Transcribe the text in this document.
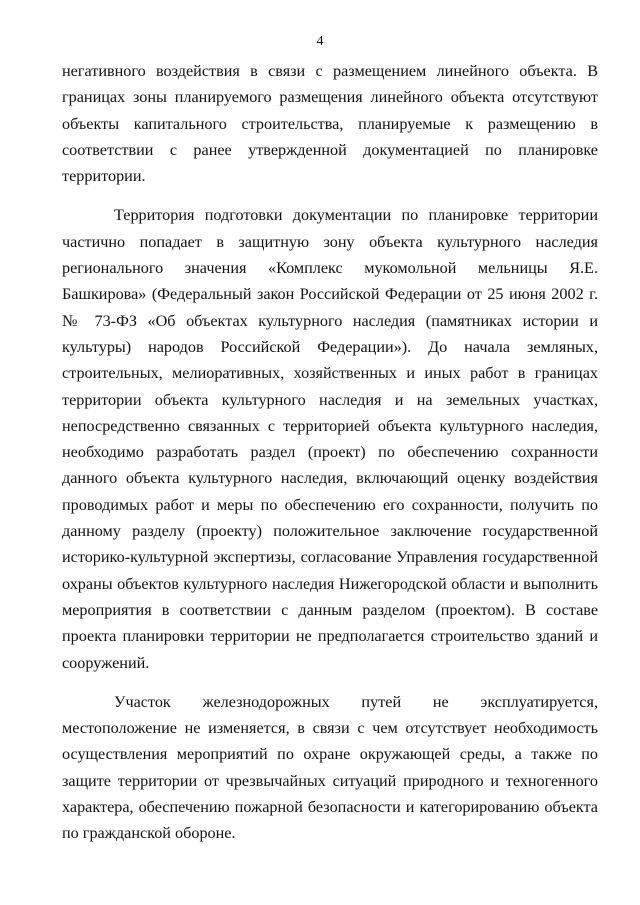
4

негативного воздействия в связи с размещением линейного объекта. В границах зоны планируемого размещения линейного объекта отсутствуют объекты капитального строительства, планируемые к размещению в соответствии с ранее утвержденной документацией по планировке территории.

Территория подготовки документации по планировке территории частично попадает в защитную зону объекта культурного наследия регионального значения «Комплекс мукомольной мельницы Я.Е. Башкирова» (Федеральный закон Российской Федерации от 25 июня 2002 г. № 73-ФЗ «Об объектах культурного наследия (памятниках истории и культуры) народов Российской Федерации»). До начала земляных, строительных, мелиоративных, хозяйственных и иных работ в границах территории объекта культурного наследия и на земельных участках, непосредственно связанных с территорией объекта культурного наследия, необходимо разработать раздел (проект) по обеспечению сохранности данного объекта культурного наследия, включающий оценку воздействия проводимых работ и меры по обеспечению его сохранности, получить по данному разделу (проекту) положительное заключение государственной историко-культурной экспертизы, согласование Управления государственной охраны объектов культурного наследия Нижегородской области и выполнить мероприятия в соответствии с данным разделом (проектом). В составе проекта планировки территории не предполагается строительство зданий и сооружений.

Участок железнодорожных путей не эксплуатируется, местоположение не изменяется, в связи с чем отсутствует необходимость осуществления мероприятий по охране окружающей среды, а также по защите территории от чрезвычайных ситуаций природного и техногенного характера, обеспечению пожарной безопасности и категорированию объекта по гражданской обороне.
